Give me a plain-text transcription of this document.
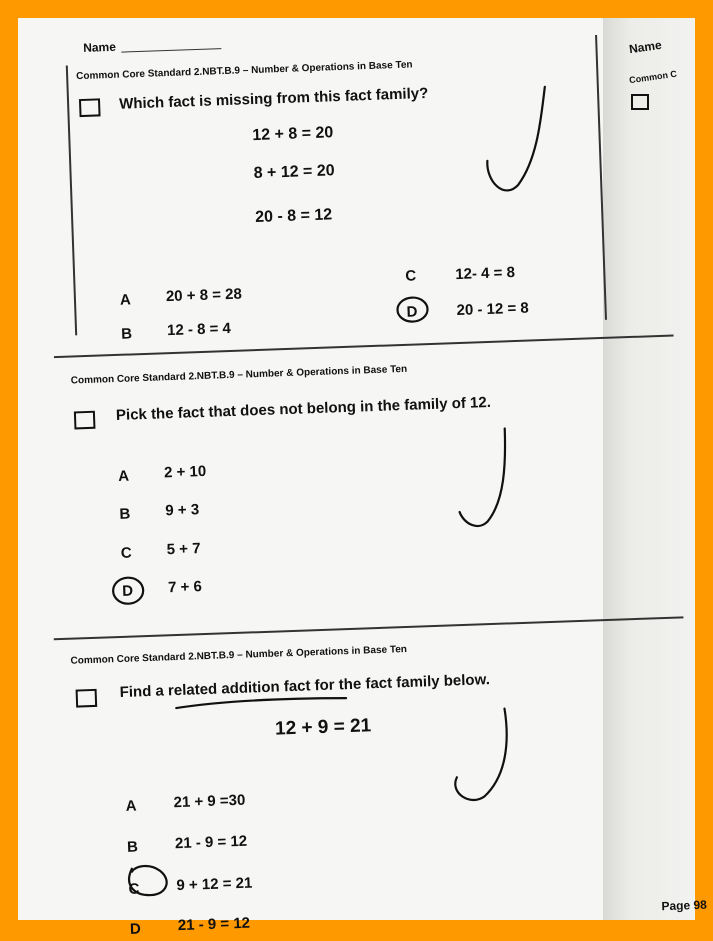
Name
Common C
Name
Common Core Standard 2.NBT.B.9 – Number & Operations in Base Ten
Which fact is missing from this fact family?
12 + 8 = 20
8 + 12 = 20
20 - 8 = 12
A 20 + 8 = 28
B 12 - 8 = 4
C	12- 4 = 8
D	20 - 12 = 8
Common Core Standard 2.NBT.B.9 – Number & Operations in Base Ten
Pick the fact that does not belong in the family of 12.
A 2 + 10
B 9 + 3
C 5 + 7
D 7 + 6
Common Core Standard 2.NBT.B.9 – Number & Operations in Base Ten
Find a related addition fact for the fact family below.
12 + 9 = 21
A 21 + 9 =30
B 21 - 9 = 12
C 9 + 12 = 21
D 21 - 9 = 12
Page 98
